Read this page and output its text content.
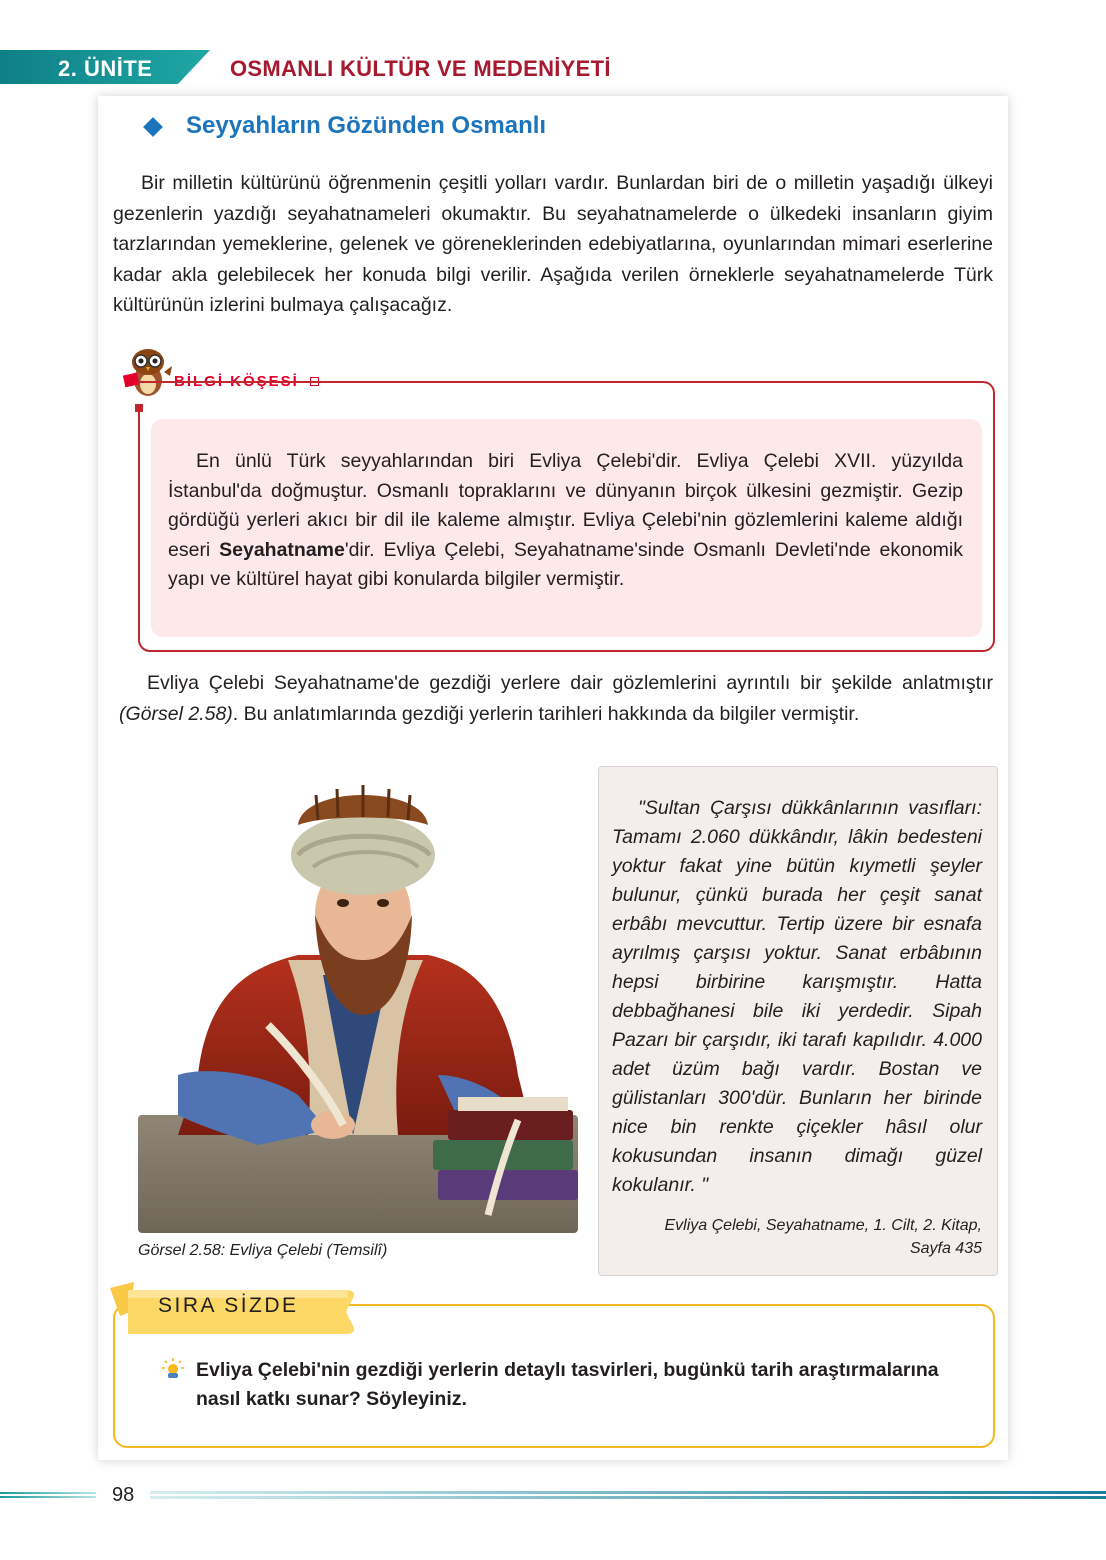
2. ÜNİTE	OSMANLI KÜLTÜR VE MEDENİYETİ
Seyyahların Gözünden Osmanlı
Bir milletin kültürünü öğrenmenin çeşitli yolları vardır. Bunlardan biri de o milletin yaşadığı ülkeyi gezenlerin yazdığı seyahatnameleri okumaktır. Bu seyahatnamelerde o ülkedeki insanların giyim tarzlarından yemeklerine, gelenek ve göreneklerinden edebiyatlarına, oyunlarından mimari eserlerine kadar akla gelebilecek her konuda bilgi verilir. Aşağıda verilen örneklerle seyahatnamelerde Türk kültürünün izlerini bulmaya çalışacağız.
BİLGİ KÖŞESİ
En ünlü Türk seyyahlarından biri Evliya Çelebi'dir. Evliya Çelebi XVII. yüzyılda İstanbul'da doğmuştur. Osmanlı topraklarını ve dünyanın birçok ülkesini gezmiştir. Gezip gördüğü yerleri akıcı bir dil ile kaleme almıştır. Evliya Çelebi'nin gözlemlerini kaleme aldığı eseri Seyahatname'dir. Evliya Çelebi, Seyahatname'sinde Osmanlı Devleti'nde ekonomik yapı ve kültürel hayat gibi konularda bilgiler vermiştir.
Evliya Çelebi Seyahatname'de gezdiği yerlere dair gözlemlerini ayrıntılı bir şekilde anlatmıştır (Görsel 2.58). Bu anlatımlarında gezdiği yerlerin tarihleri hakkında da bilgiler vermiştir.
Görsel 2.58: Evliya Çelebi (Temsilî)
"Sultan Çarşısı dükkânlarının vasıfları: Tamamı 2.060 dükkândır, lâkin bedesteni yoktur fakat yine bütün kıymetli şeyler bulunur, çünkü burada her çeşit sanat erbâbı mevcuttur. Tertip üzere bir esnafa ayrılmış çarşısı yoktur. Sanat erbâbının hepsi birbirine karışmıştır. Hatta debbağhanesi bile iki yerdedir. Sipah Pazarı bir çarşıdır, iki tarafı kapılıdır. 4.000 adet üzüm bağı vardır. Bostan ve gülistanları 300'dür. Bunların her birinde nice bin renkte çiçekler hâsıl olur kokusundan insanın dimağı güzel kokulanır. "
Evliya Çelebi, Seyahatname, 1. Cilt, 2. Kitap,
Sayfa 435
SIRA SİZDE
Evliya Çelebi'nin gezdiği yerlerin detaylı tasvirleri, bugünkü tarih araştırmalarına nasıl katkı sunar? Söyleyiniz.
98
